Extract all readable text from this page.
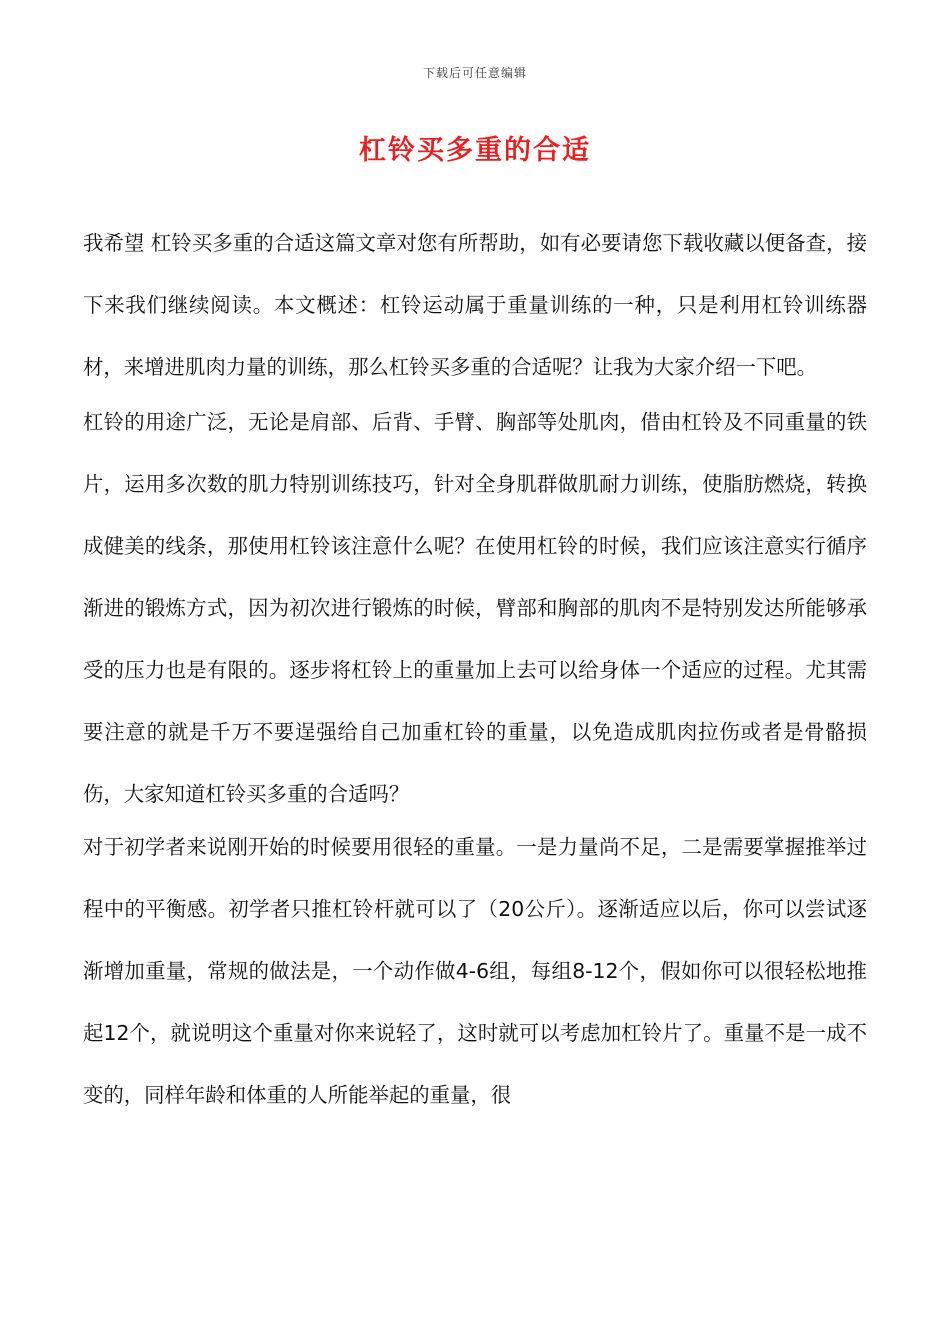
下载后可任意编辑
杠铃买多重的合适

我希望 杠铃买多重的合适这篇文章对您有所帮助，如有必要请您下载收藏以便备查，接下来我们继续阅读。本文概述：杠铃运动属于重量训练的一种，只是利用杠铃训练器材，来增进肌肉力量的训练，那么杠铃买多重的合适呢？让我为大家介绍一下吧。

杠铃的用途广泛，无论是肩部、后背、手臂、胸部等处肌肉，借由杠铃及不同重量的铁片，运用多次数的肌力特别训练技巧，针对全身肌群做肌耐力训练，使脂肪燃烧，转换成健美的线条，那使用杠铃该注意什么呢？在使用杠铃的时候，我们应该注意实行循序渐进的锻炼方式，因为初次进行锻炼的时候，臂部和胸部的肌肉不是特别发达所能够承受的压力也是有限的。逐步将杠铃上的重量加上去可以给身体一个适应的过程。尤其需要注意的就是千万不要逞强给自己加重杠铃的重量，以免造成肌肉拉伤或者是骨骼损伤，大家知道杠铃买多重的合适吗？

对于初学者来说刚开始的时候要用很轻的重量。一是力量尚不足，二是需要掌握推举过程中的平衡感。初学者只推杠铃杆就可以了（20公斤）。逐渐适应以后，你可以尝试逐渐增加重量，常规的做法是，一个动作做4-6组，每组8-12个，假如你可以很轻松地推起12个，就说明这个重量对你来说轻了，这时就可以考虑加杠铃片了。重量不是一成不变的，同样年龄和体重的人所能举起的重量，很
